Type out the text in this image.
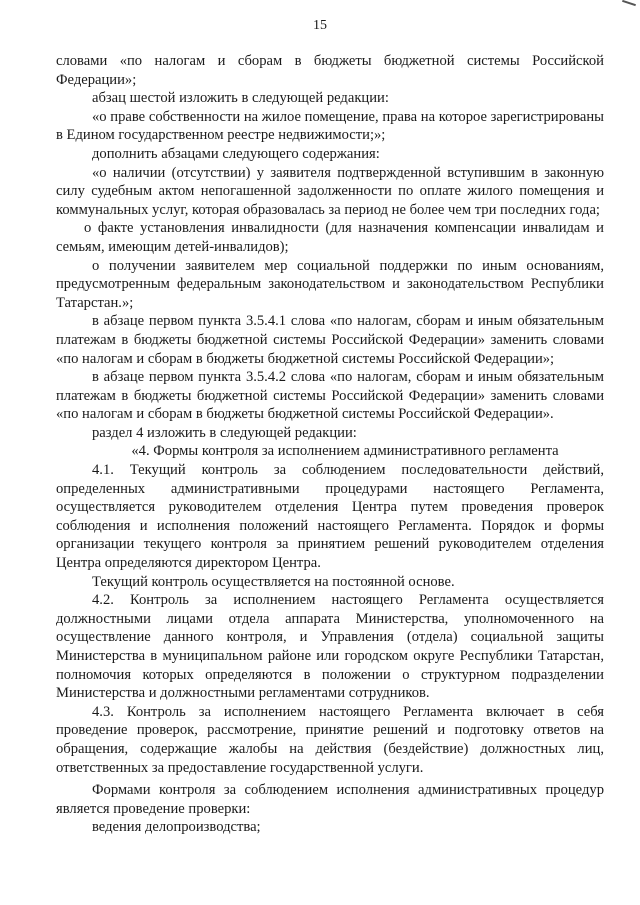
15

словами «по налогам и сборам в бюджеты бюджетной системы Российской Федерации»;

абзац шестой изложить в следующей редакции:

«о праве собственности на жилое помещение, права на которое зарегистрированы в Едином государственном реестре недвижимости;»;

дополнить абзацами следующего содержания:

«о наличии (отсутствии) у заявителя подтвержденной вступившим в законную силу судебным актом непогашенной задолженности по оплате жилого помещения и коммунальных услуг, которая образовалась за период не более чем три последних года;

о факте установления инвалидности (для назначения компенсации инвалидам и семьям, имеющим детей-инвалидов);

о получении заявителем мер социальной поддержки по иным основаниям, предусмотренным федеральным законодательством и законодательством Республики Татарстан.»;

в абзаце первом пункта 3.5.4.1 слова «по налогам, сборам и иным обязательным платежам в бюджеты бюджетной системы Российской Федерации» заменить словами «по налогам и сборам в бюджеты бюджетной системы Российской Федерации»;

в абзаце первом пункта 3.5.4.2 слова «по налогам, сборам и иным обязательным платежам в бюджеты бюджетной системы Российской Федерации» заменить словами «по налогам и сборам в бюджеты бюджетной системы Российской Федерации».

раздел 4 изложить в следующей редакции:

«4. Формы контроля за исполнением административного регламента

4.1. Текущий контроль за соблюдением последовательности действий, определенных административными процедурами настоящего Регламента, осуществляется руководителем отделения Центра путем проведения проверок соблюдения и исполнения положений настоящего Регламента. Порядок и формы организации текущего контроля за принятием решений руководителем отделения Центра определяются директором Центра.

Текущий контроль осуществляется на постоянной основе.

4.2. Контроль за исполнением настоящего Регламента осуществляется должностными лицами отдела аппарата Министерства, уполномоченного на осуществление данного контроля, и Управления (отдела) социальной защиты Министерства в муниципальном районе или городском округе Республики Татарстан, полномочия которых определяются в положении о структурном подразделении Министерства и должностными регламентами сотрудников.

4.3. Контроль за исполнением настоящего Регламента включает в себя проведение проверок, рассмотрение, принятие решений и подготовку ответов на обращения, содержащие жалобы на действия (бездействие) должностных лиц, ответственных за предоставление государственной услуги.

Формами контроля за соблюдением исполнения административных процедур является проведение проверки:

ведения делопроизводства;
